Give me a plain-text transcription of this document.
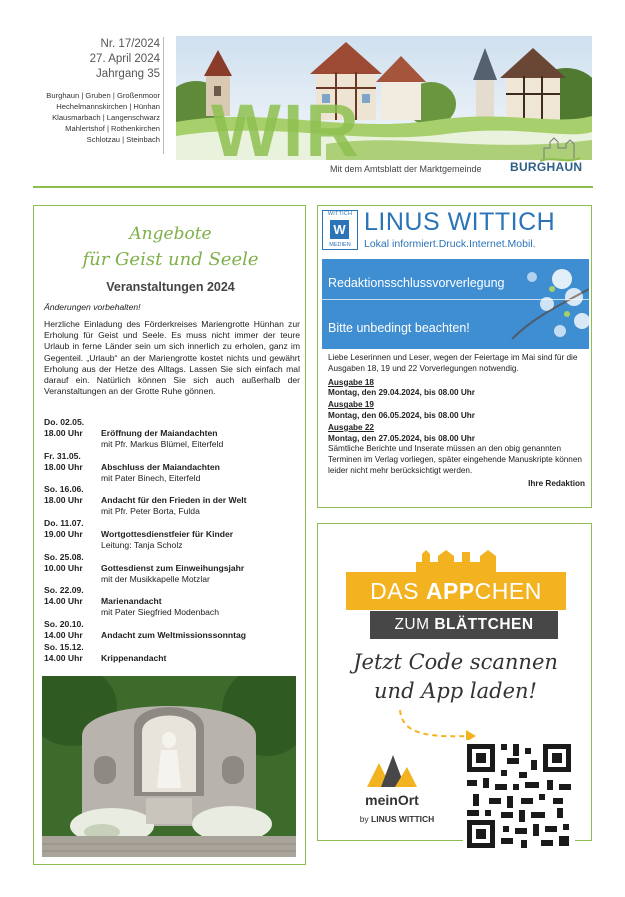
Nr. 17/2024
27. April 2024
Jahrgang 35
Burghaun | Gruben | Großenmoor
Hechelmannskirchen | Hünhan
Klausmarbach | Langenschwarz
Mahlertshof | Rothenkirchen
Schlotzau | Steinbach WIR
Mit dem Amtsblatt der Marktgemeinde BURGHAUN
Angebote
für Geist und Seele
Veranstaltungen 2024
Änderungen vorbehalten!
Herzliche Einladung des Förderkreises Mariengrotte Hünhan zur Erholung für Geist und Seele. Es muss nicht immer der teure Urlaub in ferne Länder sein um sich innerlich zu erholen, ganz im Gegenteil. „Urlaub“ an der Mariengrotte kostet nichts und gewährt Erholung aus der Hetze des Alltags. Lassen Sie sich einfach mal darauf ein. Natürlich können Sie sich auch außerhalb der Veranstaltungen an der Grotte Ruhe gönnen.
Do. 02.05.
18.00 Uhr Eröffnung der Maiandachten
mit Pfr. Markus Blümel, Eiterfeld
Fr. 31.05.
18.00 Uhr Abschluss der Maiandachten
mit Pater Binech, Eiterfeld
So. 16.06.
18.00 Uhr Andacht für den Frieden in der Welt
mit Pfr. Peter Borta, Fulda
Do. 11.07.
19.00 Uhr Wortgottesdienstfeier für Kinder
Leitung: Tanja Scholz
So. 25.08.
10.00 Uhr Gottesdienst zum Einweihungsjahr
mit der Musikkapelle Motzlar
So. 22.09.
14.00 Uhr Marienandacht
mit Pater Siegfried Modenbach
So. 20.10.
14.00 Uhr Andacht zum Weltmissionssonntag
So. 15.12.
14.00 Uhr Krippenandacht
WITTICH
W
MEDIEN
LINUS WITTICH
Lokal informiert.Druck.Internet.Mobil.
Redaktionsschlussvorverlegung
Bitte unbedingt beachten!
Liebe Leserinnen und Leser, wegen der Feiertage im Mai sind für die Ausgaben 18, 19 und 22 Vorverlegungen notwendig.
Ausgabe 18
Montag, den 29.04.2024, bis 08.00 Uhr
Ausgabe 19
Montag, den 06.05.2024, bis 08.00 Uhr
Ausgabe 22
Montag, den 27.05.2024, bis 08.00 Uhr
Sämtliche Berichte und Inserate müssen an den obig genannten Terminen im Verlag vorliegen, später eingehende Manuskripte können leider nicht mehr berücksichtigt werden.
Ihre Redaktion
DAS APPCHEN
ZUM BLÄTTCHEN
Jetzt Code scannen
und App laden!
meinOrt
by LINUS WITTICH
